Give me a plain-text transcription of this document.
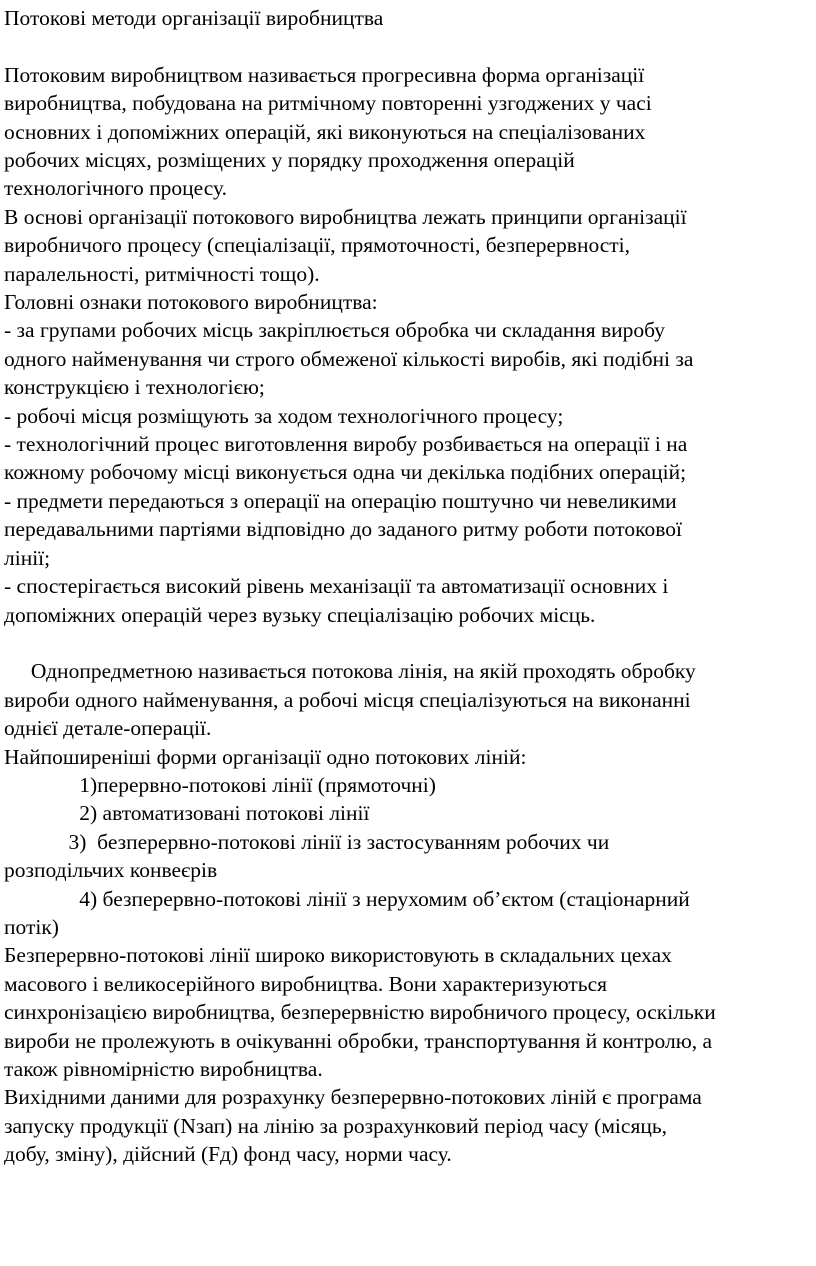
Потокові методи організації виробництва
Потоковим виробництвом називається прогресивна форма організації
виробництва, побудована на ритмічному повторенні узгоджених у часі
основних і допоміжних операцій, які виконуються на спеціалізованих
робочих місцях, розміщених у порядку проходження операцій
технологічного процесу.
В основі організації потокового виробництва лежать принципи організації
виробничого процесу (спеціалізації, прямоточності, безперервності,
паралельності, ритмічності тощо).
Головні ознаки потокового виробництва:
- за групами робочих місць закріплюється обробка чи складання виробу
одного найменування чи строго обмеженої кількості виробів, які подібні за
конструкцією і технологією;
- робочі місця розміщують за ходом технологічного процесу;
- технологічний процес виготовлення виробу розбивається на операції і на
кожному робочому місці виконується одна чи декілька подібних операцій;
- предмети передаються з операції на операцію поштучно чи невеликими
передавальними партіями відповідно до заданого ритму роботи потокової
лінії;
- спостерігається високий рівень механізації та автоматизації основних і
допоміжних операцій через вузьку спеціалізацію робочих місць.
Однопредметною називається потокова лінія, на якій проходять обробку
вироби одного найменування, а робочі місця спеціалізуються на виконанні
однієї детале-операції.
Найпоширеніші форми організації одно потокових ліній:
1)перервно-потокові лінії (прямоточні)
2) автоматизовані потокові лінії
3)  безперервно-потокові лінії із застосуванням робочих чи
розподільчих конвеєрів
4) безперервно-потокові лінії з нерухомим об’єктом (стаціонарний
потік)
Безперервно-потокові лінії широко використовують в складальних цехах
масового і великосерійного виробництва. Вони характеризуються
синхронізацією виробництва, безперервністю виробничого процесу, оскільки
вироби не пролежують в очікуванні обробки, транспортування й контролю, а
також рівномірністю виробництва.
Вихідними даними для розрахунку безперервно-потокових ліній є програма
запуску продукції (Nзап) на лінію за розрахунковий період часу (місяць,
добу, зміну), дійсний (Fд) фонд часу, норми часу.
